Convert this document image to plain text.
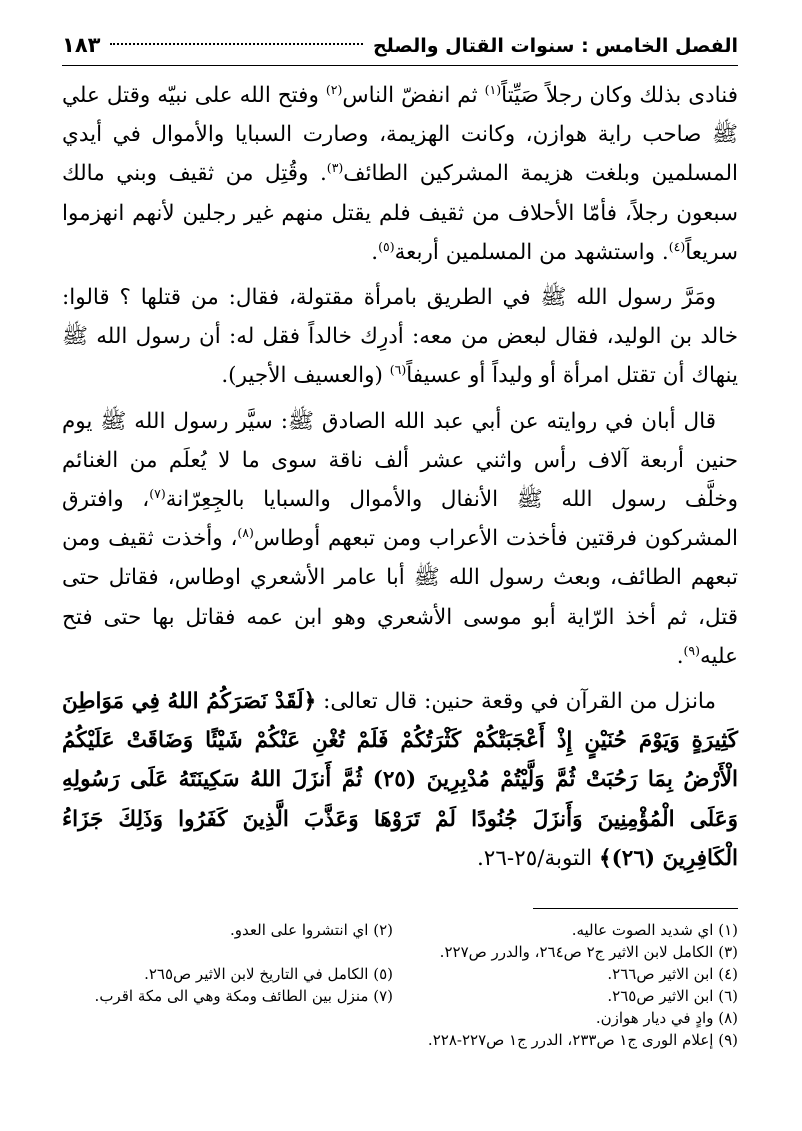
الفصل الخامس : سنوات القتال والصلح
١٨٣

فنادى بذلك وكان رجلاً صَيِّتاً$^{(١)}$ ثم انفضّ الناس$^{(٢)}$ وفتح الله على نبيّه وقتل علي ﷺ صاحب راية هوازن، وكانت الهزيمة، وصارت السبايا والأموال في أيدي المسلمين وبلغت هزيمة المشركين الطائف$^{(٣)}$. وقُتِل من ثقيف وبني مالك سبعون رجلاً، فأمّا الأحلاف من ثقيف فلم يقتل منهم غير رجلين لأنهم انهزموا سريعاً$^{(٤)}$. واستشهد من المسلمين أربعة$^{(٥)}$.

ومَرَّ رسول الله ﷺ في الطريق بامرأة مقتولة، فقال: من قتلها ؟ قالوا: خالد بن الوليد، فقال لبعض من معه: أدرِك خالداً فقل له: أن رسول الله ﷺ ينهاك أن تقتل امرأة أو وليداً أو عسيفاً$^{(٦)}$ (والعسيف الأجير).

قال أبان في روايته عن أبي عبد الله الصادق ﷺ: سيَّر رسول الله ﷺ يوم حنين أربعة آلاف رأس واثني عشر ألف ناقة سوى ما لا يُعلَم من الغنائم وخلَّف رسول الله ﷺ الأنفال والأموال والسبايا بالجِعِرّانة$^{(٧)}$، وافترق المشركون فرقتين فأخذت الأعراب ومن تبعهم أوطاس$^{(٨)}$، وأخذت ثقيف ومن تبعهم الطائف، وبعث رسول الله ﷺ أبا عامر الأشعري اوطاس، فقاتل حتى قتل، ثم أخذ الرّاية أبو موسى الأشعري وهو ابن عمه فقاتل بها حتى فتح عليه$^{(٩)}$.

مانزل من القرآن في وقعة حنين: قال تعالى: ﴿لَقَدْ نَصَرَكُمُ اللهُ فِي مَوَاطِنَ كَثِيرَةٍ وَيَوْمَ حُنَيْنٍ إِذْ أَعْجَبَتْكُمْ كَثْرَتُكُمْ فَلَمْ تُغْنِ عَنْكُمْ شَيْئًا وَضَاقَتْ عَلَيْكُمُ الْأَرْضُ بِمَا رَحُبَتْ ثُمَّ وَلَّيْتُمْ مُدْبِرِينَ (٢٥) ثُمَّ أَنزَلَ اللهُ سَكِينَتَهُ عَلَى رَسُولِهِ وَعَلَى الْمُؤْمِنِينَ وَأَنزَلَ جُنُودًا لَمْ تَرَوْهَا وَعَذَّبَ الَّذِينَ كَفَرُوا وَذَلِكَ جَزَاءُ الْكَافِرِينَ (٢٦)﴾ التوبة/٢٥-٢٦.

(١) اي شديد الصوت عاليه.
(٢) اي انتشروا على العدو.
(٣) الكامل لابن الاثير ج٢ ص٢٦٤، والدرر ص٢٢٧.
(٤) ابن الاثير ص٢٦٦.
(٥) الكامل في التاريخ لابن الاثير ص٢٦٥.
(٦) ابن الاثير ص٢٦٥.
(٧) منزل بين الطائف ومكة وهي الى مكة اقرب.
(٨) وادٍ في ديار هوازن.
(٩) إعلام الورى ج١ ص٢٣٣، الدرر ج١ ص٢٢٧-٢٢٨.
